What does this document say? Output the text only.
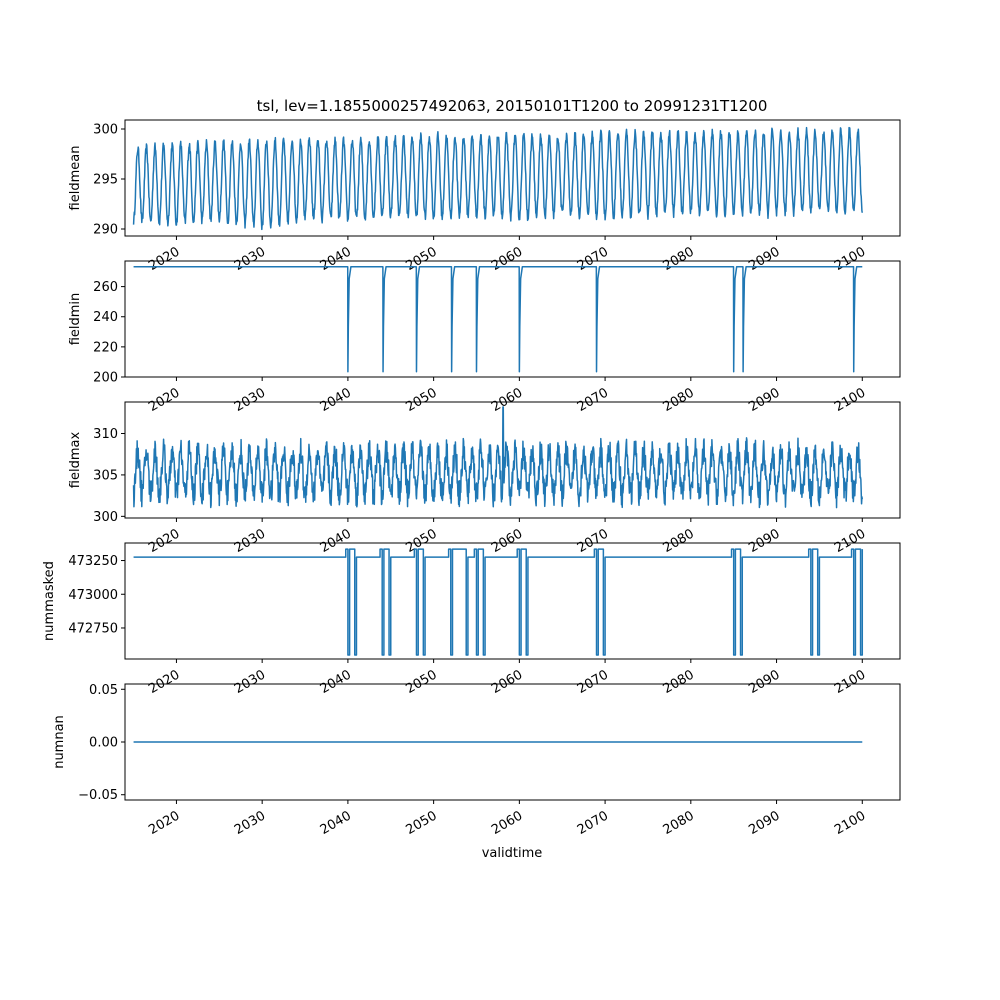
tsl, lev=1.1855000257492063, 20150101T1200 to 20991231T1200
290
295
300
fieldmean
2020	2030	2040	2050	2060	2070	2080	2090	2100
200
220
240
260
fieldmin
2020	2030	2040	2050	2060	2070	2080	2090	2100
300
305
310
fieldmax
2020	2030	2040	2050	2060	2070	2080	2090	2100
472750
473000
473250
nummasked
2020	2030	2040	2050	2060	2070	2080	2090	2100
−0.05
0.00
0.05
numnan
2020	2030	2040	2050	2060	2070	2080	2090	2100
validtime
